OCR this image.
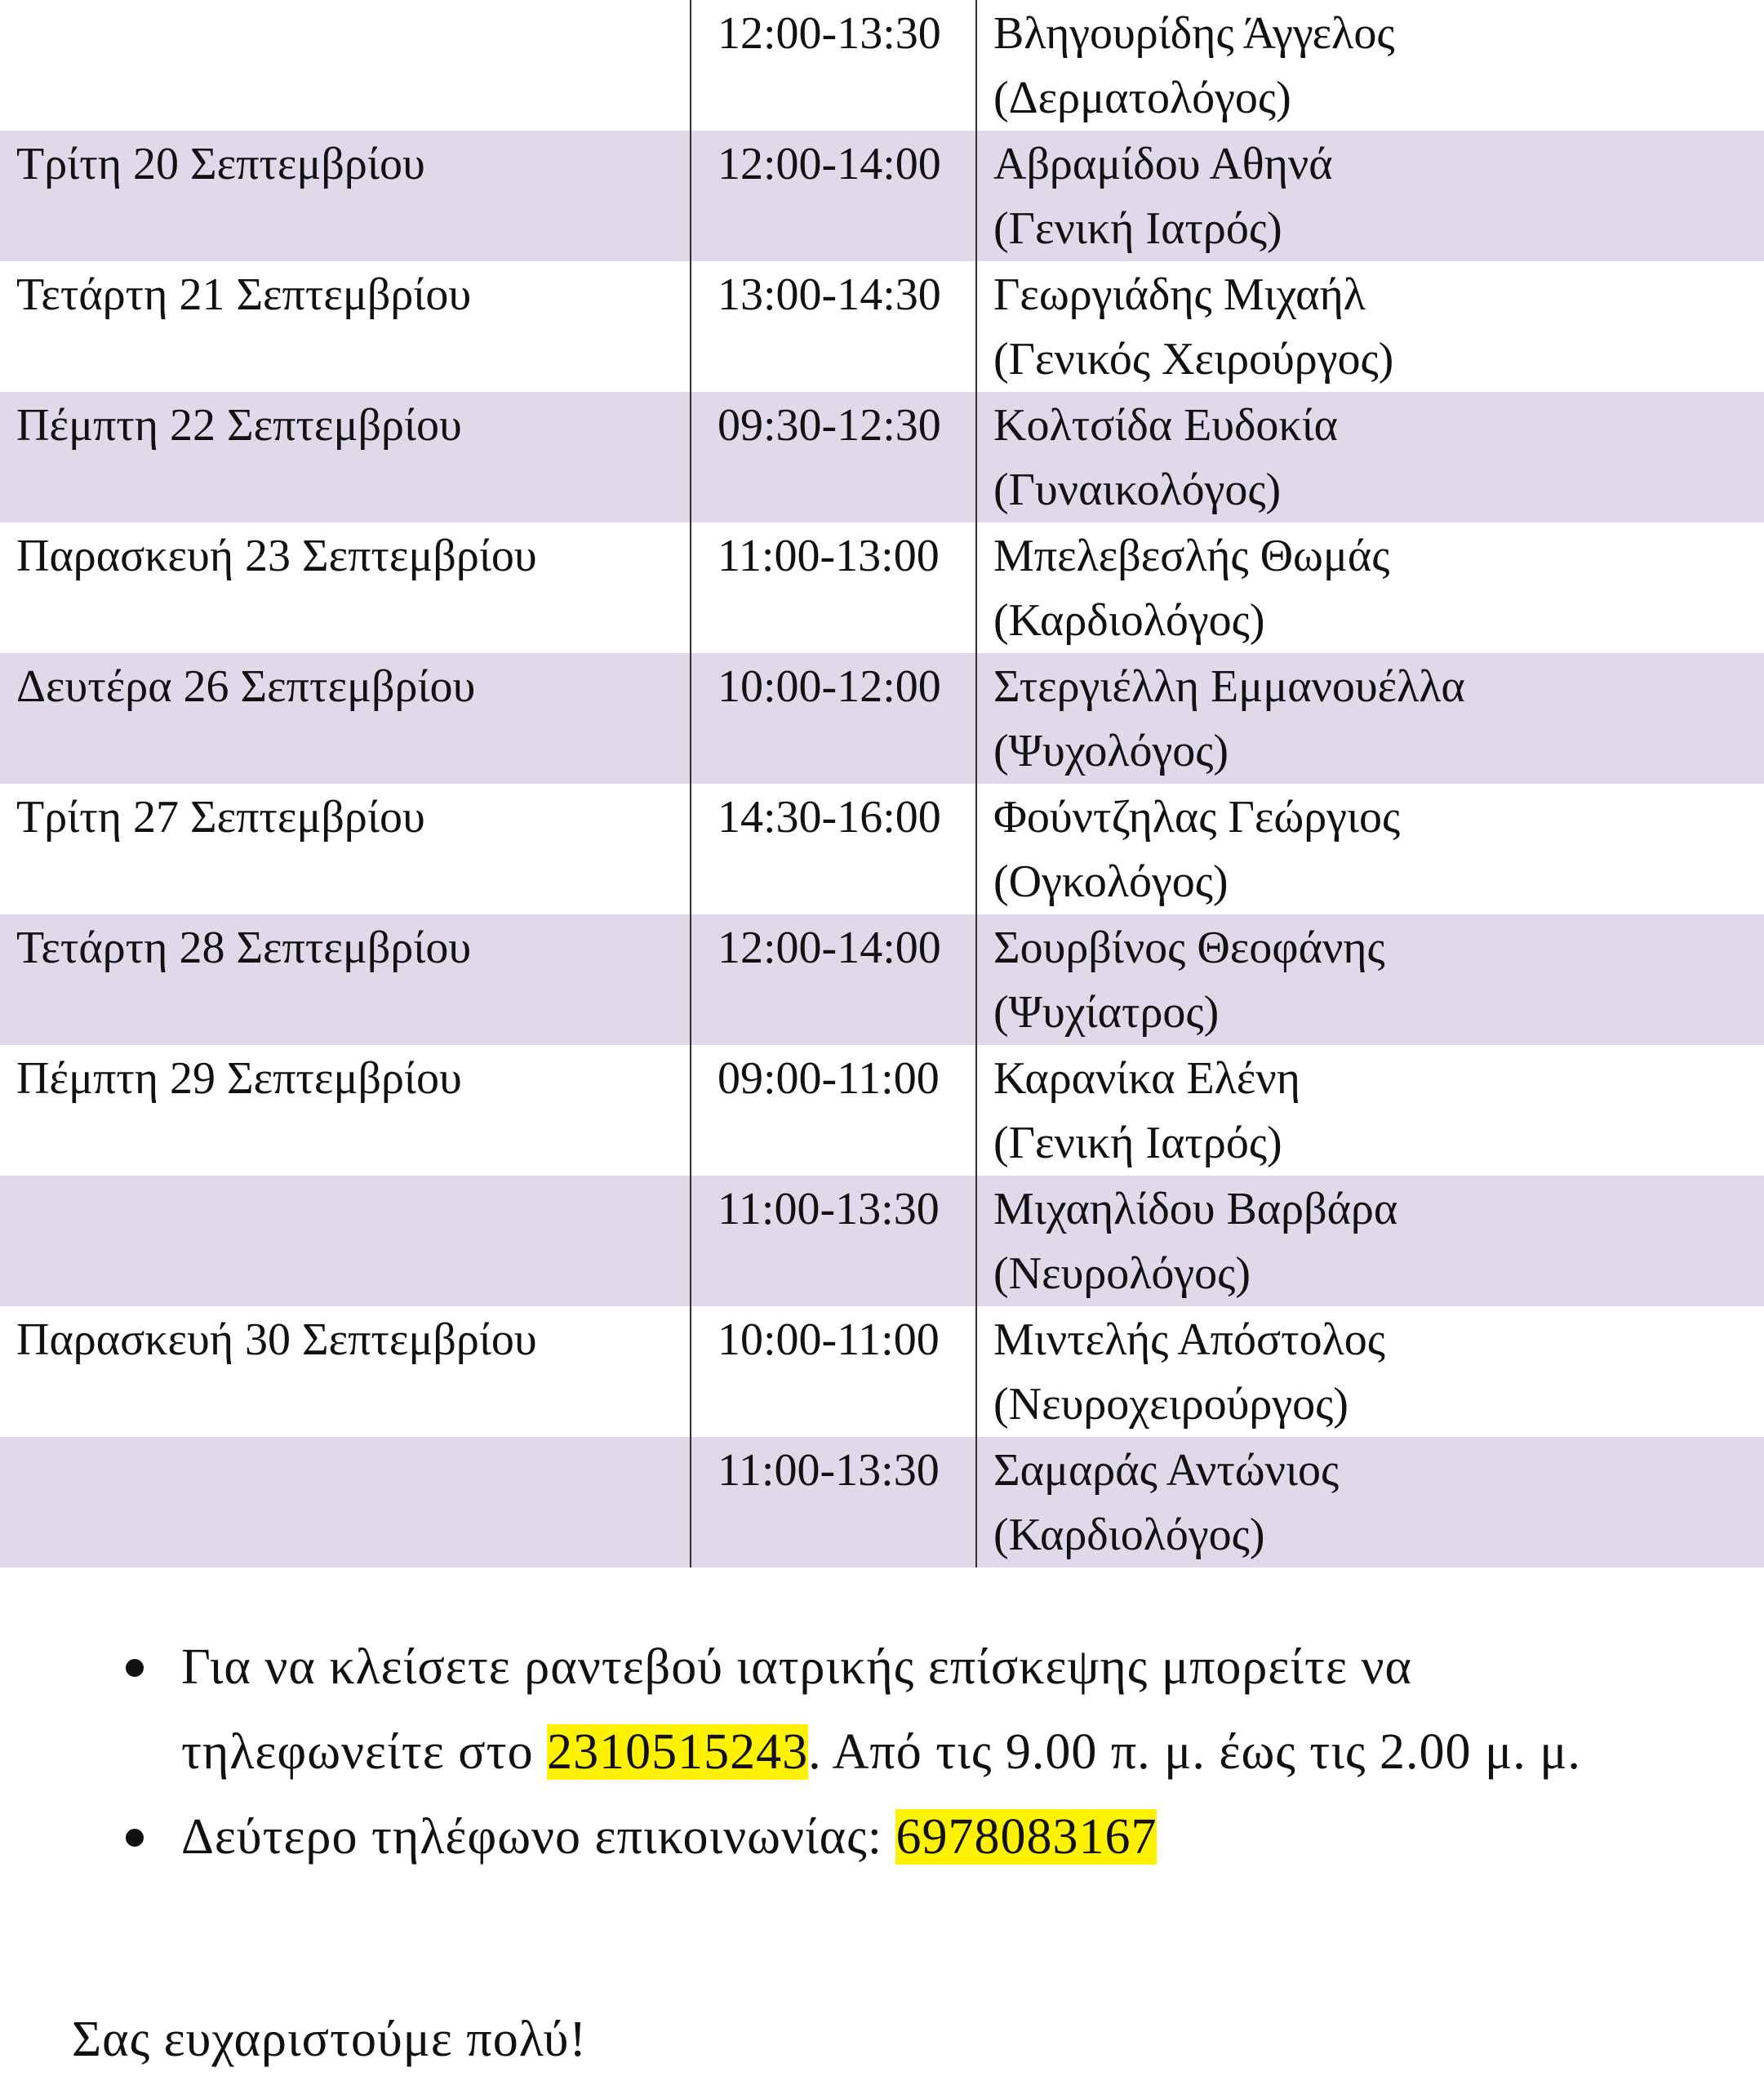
	12:00-13:30	Βληγουρίδης Άγγελος
(Δερματολόγος)

Τρίτη 20 Σεπτεμβρίου	12:00-14:00	Αβραμίδου Αθηνά
(Γενική Ιατρός)

Τετάρτη 21 Σεπτεμβρίου	13:00-14:30	Γεωργιάδης Μιχαήλ
(Γενικός Χειρούργος)

Πέμπτη 22 Σεπτεμβρίου	09:30-12:30	Κολτσίδα Ευδοκία
(Γυναικολόγος)

Παρασκευή 23 Σεπτεμβρίου	11:00-13:00	Μπελεβεσλής Θωμάς
(Καρδιολόγος)

Δευτέρα 26 Σεπτεμβρίου	10:00-12:00	Στεργιέλλη Εμμανουέλλα
(Ψυχολόγος)

Τρίτη 27 Σεπτεμβρίου	14:30-16:00	Φούντζηλας Γεώργιος
(Ογκολόγος)

Τετάρτη 28 Σεπτεμβρίου	12:00-14:00	Σουρβίνος Θεοφάνης
(Ψυχίατρος)

Πέμπτη 29 Σεπτεμβρίου	09:00-11:00	Καρανίκα Ελένη
(Γενική Ιατρός)

	11:00-13:30	Μιχαηλίδου Βαρβάρα
(Νευρολόγος)

Παρασκευή 30 Σεπτεμβρίου	10:00-11:00	Μιντελής Απόστολος
(Νευροχειρούργος)

	11:00-13:30	Σαμαράς Αντώνιος
(Καρδιολόγος)
Για να κλείσετε ραντεβού ιατρικής επίσκεψης μπορείτε να τηλεφωνείτε στο 2310515243. Από τις 9.00 π. μ. έως τις 2.00 μ. μ.
Δεύτερο τηλέφωνο επικοινωνίας: 6978083167

Σας ευχαριστούμε πολύ!
